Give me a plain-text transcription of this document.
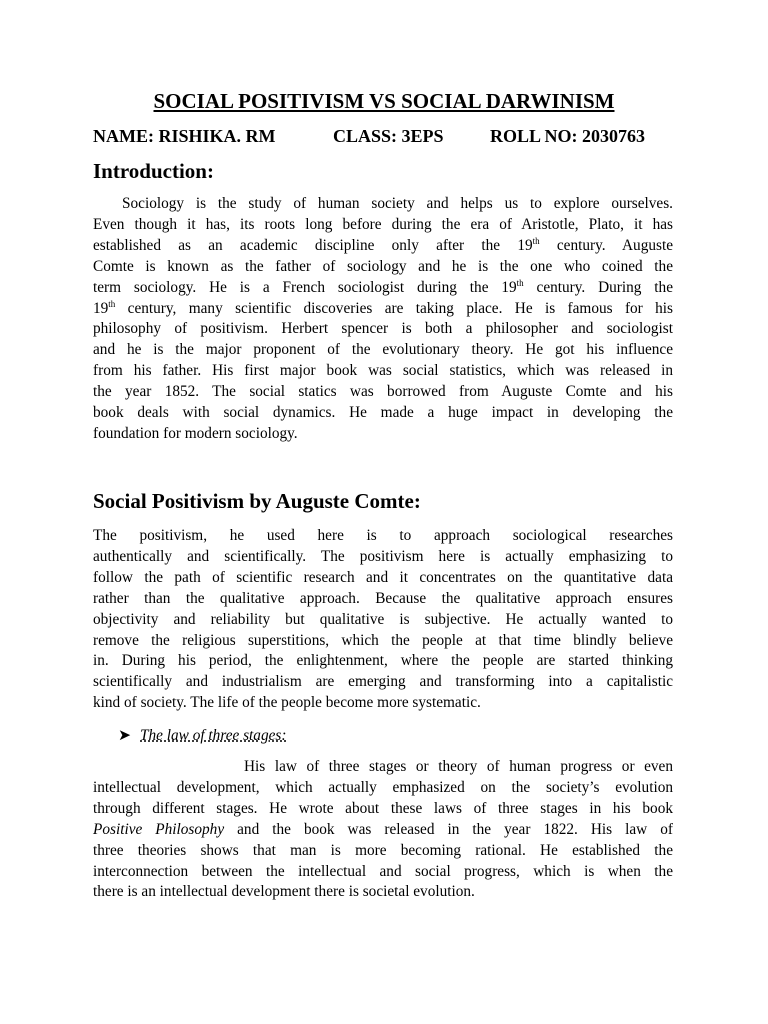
SOCIAL POSITIVISM VS SOCIAL DARWINISM
NAME: RISHIKA. RM	CLASS: 3EPS	ROLL NO: 2030763
Introduction:
Sociology is the study of human society and helps us to explore ourselves.
Even though it has, its roots long before during the era of Aristotle, Plato, it has
established as an academic discipline only after the 19th century. Auguste
Comte is known as the father of sociology and he is the one who coined the
term sociology. He is a French sociologist during the 19th century. During the
19th century, many scientific discoveries are taking place. He is famous for his
philosophy of positivism. Herbert spencer is both a philosopher and sociologist
and he is the major proponent of the evolutionary theory. He got his influence
from his father. His first major book was social statistics, which was released in
the year 1852. The social statics was borrowed from Auguste Comte and his
book deals with social dynamics. He made a huge impact in developing the
foundation for modern sociology.
Social Positivism by Auguste Comte:
The positivism, he used here is to approach sociological researches
authentically and scientifically. The positivism here is actually emphasizing to
follow the path of scientific research and it concentrates on the quantitative data
rather than the qualitative approach. Because the qualitative approach ensures
objectivity and reliability but qualitative is subjective. He actually wanted to
remove the religious superstitions, which the people at that time blindly believe
in. During his period, the enlightenment, where the people are started thinking
scientifically and industrialism are emerging and transforming into a capitalistic
kind of society. The life of the people become more systematic.
➤ The law of three stages:
His law of three stages or theory of human progress or even
intellectual development, which actually emphasized on the society’s evolution
through different stages. He wrote about these laws of three stages in his book
Positive Philosophy and the book was released in the year 1822. His law of
three theories shows that man is more becoming rational. He established the
interconnection between the intellectual and social progress, which is when the
there is an intellectual development there is societal evolution.
